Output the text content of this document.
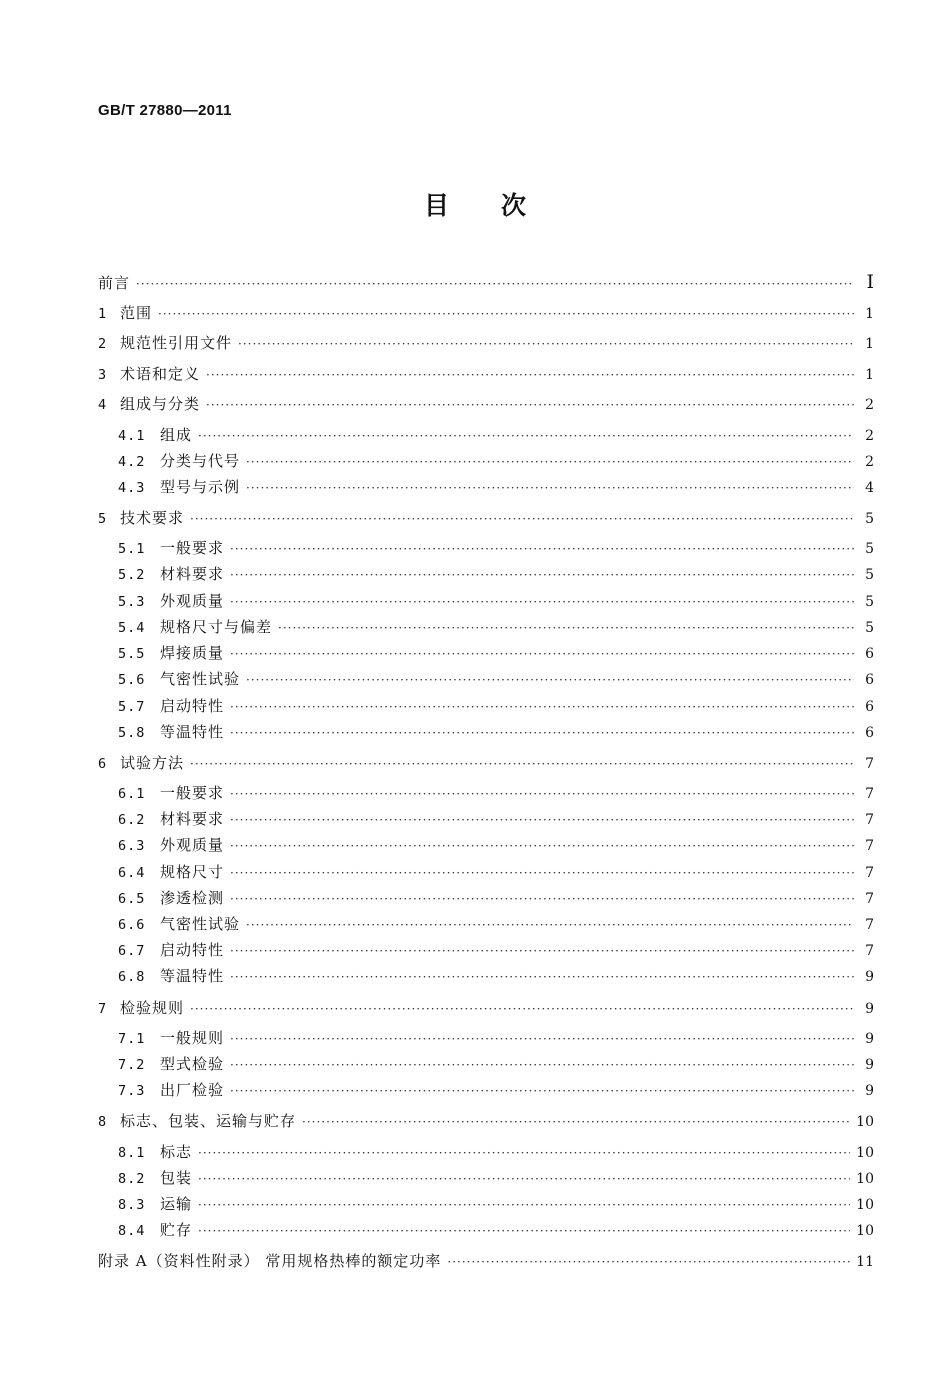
GB/T 27880—2011
目 次
前言 ·····	I
1 范围 ·····	1
2 规范性引用文件 ·····	1
3 术语和定义 ·····	1
4 组成与分类 ·····	2
4.1 组成 ·····	2
4.2 分类与代号 ·····	2
4.3 型号与示例 ·····	4
5 技术要求 ·····	5
5.1 一般要求 ·····	5
5.2 材料要求 ·····	5
5.3 外观质量 ·····	5
5.4 规格尺寸与偏差 ·····	5
5.5 焊接质量 ·····	6
5.6 气密性试验 ·····	6
5.7 启动特性 ·····	6
5.8 等温特性 ·····	6
6 试验方法 ·····	7
6.1 一般要求 ·····	7
6.2 材料要求 ·····	7
6.3 外观质量 ·····	7
6.4 规格尺寸 ·····	7
6.5 渗透检测 ·····	7
6.6 气密性试验 ·····	7
6.7 启动特性 ·····	7
6.8 等温特性 ·····	9
7 检验规则 ·····	9
7.1 一般规则 ·····	9
7.2 型式检验 ·····	9
7.3 出厂检验 ·····	9
8 标志、包装、运输与贮存 ·····	10
8.1 标志 ·····	10
8.2 包装 ·····	10
8.3 运输 ·····	10
8.4 贮存 ·····	10
附录 A（资料性附录） 常用规格热棒的额定功率 ·····	11
